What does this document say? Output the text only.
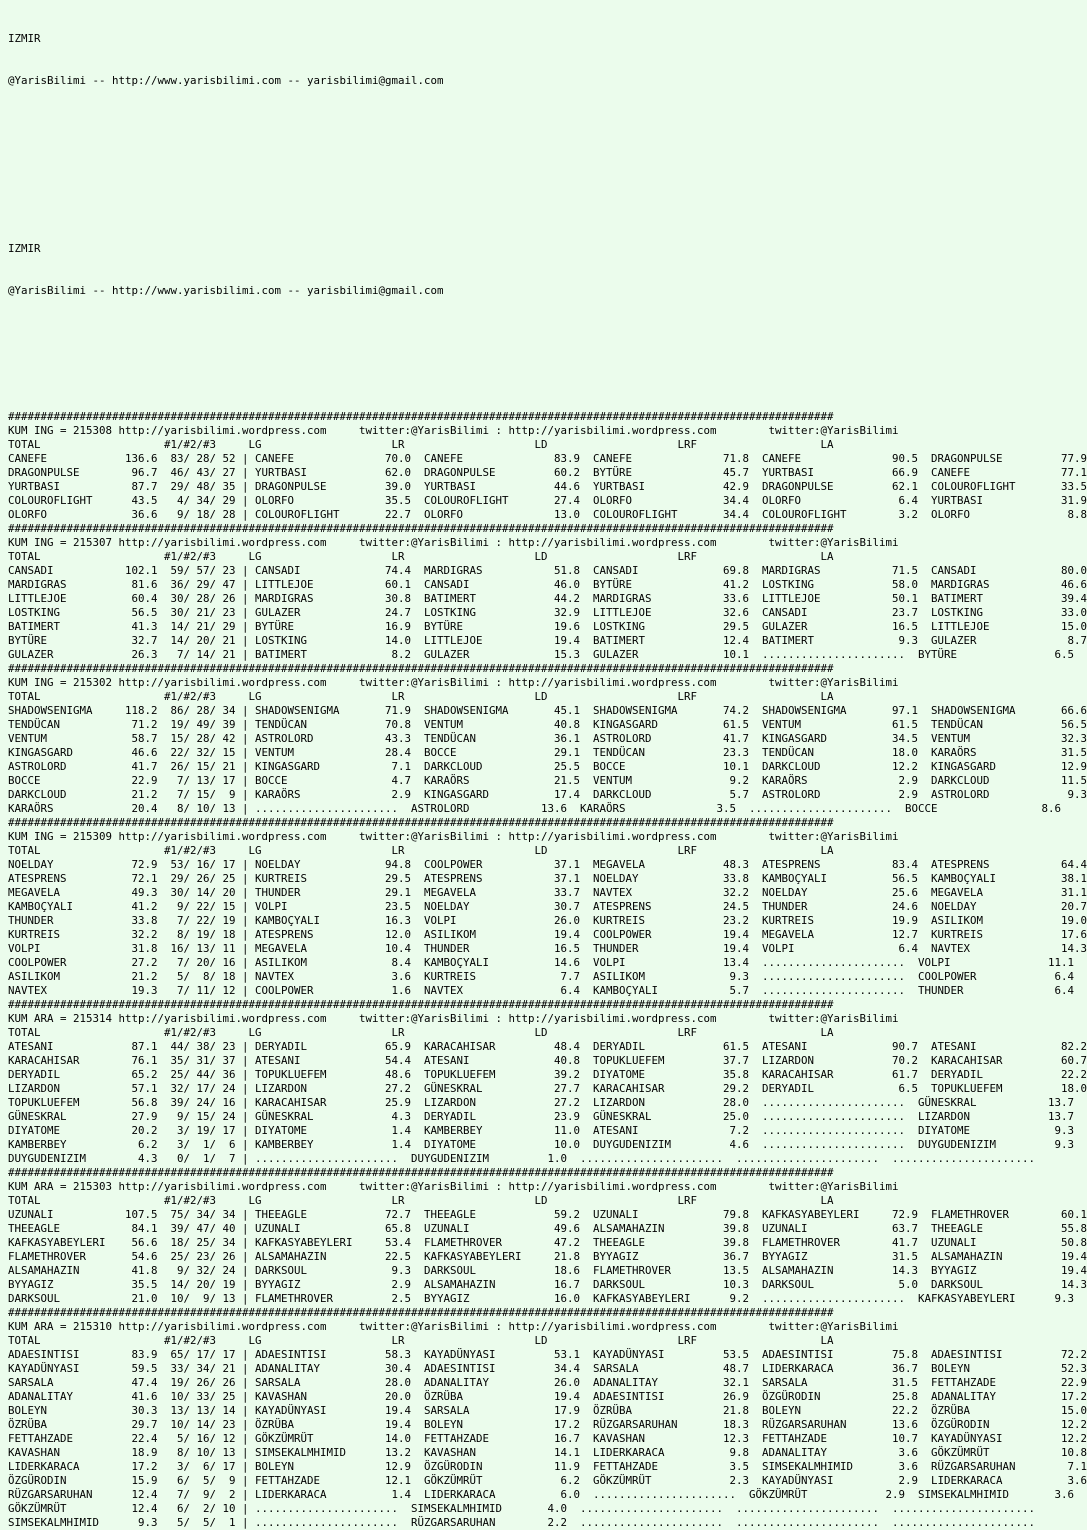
IZMIR

@YarisBilimi -- http://www.yarisbilimi.com -- yarisbilimi@gmail.com

IZMIR

@YarisBilimi -- http://www.yarisbilimi.com -- yarisbilimi@gmail.com

###############################################################################################################################
KUM ING = 215308 http://yarisbilimi.wordpress.com     twitter:@YarisBilimi : http://yarisbilimi.wordpress.com        twitter:@YarisBilimi
TOTAL                   #1/#2/#3     LG                    LR                    LD                    LRF                   LA
CANEFE            136.6  83/ 28/ 52 | CANEFE              70.0  CANEFE              83.9  CANEFE              71.8  CANEFE              90.5  DRAGONPULSE         77.9
DRAGONPULSE        96.7  46/ 43/ 27 | YURTBASI            62.0  DRAGONPULSE         60.2  BYTÜRE              45.7  YURTBASI            66.9  CANEFE              77.1
YURTBASI           87.7  29/ 48/ 35 | DRAGONPULSE         39.0  YURTBASI            44.6  YURTBASI            42.9  DRAGONPULSE         62.1  COLOUROFLIGHT       33.5
COLOUROFLIGHT      43.5   4/ 34/ 29 | OLORFO              35.5  COLOUROFLIGHT       27.4  OLORFO              34.4  OLORFO               6.4  YURTBASI            31.9
OLORFO             36.6   9/ 18/ 28 | COLOUROFLIGHT       22.7  OLORFO              13.0  COLOUROFLIGHT       34.4  COLOUROFLIGHT        3.2  OLORFO               8.8
###############################################################################################################################
KUM ING = 215307 http://yarisbilimi.wordpress.com     twitter:@YarisBilimi : http://yarisbilimi.wordpress.com        twitter:@YarisBilimi
TOTAL                   #1/#2/#3     LG                    LR                    LD                    LRF                   LA
CANSADI           102.1  59/ 57/ 23 | CANSADI             74.4  MARDIGRAS           51.8  CANSADI             69.8  MARDIGRAS           71.5  CANSADI             80.0
MARDIGRAS          81.6  36/ 29/ 47 | LITTLEJOE           60.1  CANSADI             46.0  BYTÜRE              41.2  LOSTKING            58.0  MARDIGRAS           46.6
LITTLEJOE          60.4  30/ 28/ 26 | MARDIGRAS           30.8  BATIMERT            44.2  MARDIGRAS           33.6  LITTLEJOE           50.1  BATIMERT            39.4
LOSTKING           56.5  30/ 21/ 23 | GULAZER             24.7  LOSTKING            32.9  LITTLEJOE           32.6  CANSADI             23.7  LOSTKING            33.0
BATIMERT           41.3  14/ 21/ 29 | BYTÜRE              16.9  BYTÜRE              19.6  LOSTKING            29.5  GULAZER             16.5  LITTLEJOE           15.0
BYTÜRE             32.7  14/ 20/ 21 | LOSTKING            14.0  LITTLEJOE           19.4  BATIMERT            12.4  BATIMERT             9.3  GULAZER              8.7
GULAZER            26.3   7/ 14/ 21 | BATIMERT             8.2  GULAZER             15.3  GULAZER             10.1  ......................  BYTÜRE               6.5
###############################################################################################################################
KUM ING = 215302 http://yarisbilimi.wordpress.com     twitter:@YarisBilimi : http://yarisbilimi.wordpress.com        twitter:@YarisBilimi
TOTAL                   #1/#2/#3     LG                    LR                    LD                    LRF                   LA
SHADOWSENIGMA     118.2  86/ 28/ 34 | SHADOWSENIGMA       71.9  SHADOWSENIGMA       45.1  SHADOWSENIGMA       74.2  SHADOWSENIGMA       97.1  SHADOWSENIGMA       66.6
TENDÜCAN           71.2  19/ 49/ 39 | TENDÜCAN            70.8  VENTUM              40.8  KINGASGARD          61.5  VENTUM              61.5  TENDÜCAN            56.5
VENTUM             58.7  15/ 28/ 42 | ASTROLORD           43.3  TENDÜCAN            36.1  ASTROLORD           41.7  KINGASGARD          34.5  VENTUM              32.3
KINGASGARD         46.6  22/ 32/ 15 | VENTUM              28.4  BOCCE               29.1  TENDÜCAN            23.3  TENDÜCAN            18.0  KARAÖRS             31.5
ASTROLORD          41.7  26/ 15/ 21 | KINGASGARD           7.1  DARKCLOUD           25.5  BOCCE               10.1  DARKCLOUD           12.2  KINGASGARD          12.9
BOCCE              22.9   7/ 13/ 17 | BOCCE                4.7  KARAÖRS             21.5  VENTUM               9.2  KARAÖRS              2.9  DARKCLOUD           11.5
DARKCLOUD          21.2   7/ 15/  9 | KARAÖRS              2.9  KINGASGARD          17.4  DARKCLOUD            5.7  ASTROLORD            2.9  ASTROLORD            9.3
KARAÖRS            20.4   8/ 10/ 13 | ......................  ASTROLORD           13.6  KARAÖRS              3.5  ......................  BOCCE                8.6
###############################################################################################################################
KUM ING = 215309 http://yarisbilimi.wordpress.com     twitter:@YarisBilimi : http://yarisbilimi.wordpress.com        twitter:@YarisBilimi
TOTAL                   #1/#2/#3     LG                    LR                    LD                    LRF                   LA
NOELDAY            72.9  53/ 16/ 17 | NOELDAY             94.8  COOLPOWER           37.1  MEGAVELA            48.3  ATESPRENS           83.4  ATESPRENS           64.4
ATESPRENS          72.1  29/ 26/ 25 | KURTREIS            29.5  ATESPRENS           37.1  NOELDAY             33.8  KAMBOÇYALI          56.5  KAMBOÇYALI          38.1
MEGAVELA           49.3  30/ 14/ 20 | THUNDER             29.1  MEGAVELA            33.7  NAVTEX              32.2  NOELDAY             25.6  MEGAVELA            31.1
KAMBOÇYALI         41.2   9/ 22/ 15 | VOLPI               23.5  NOELDAY             30.7  ATESPRENS           24.5  THUNDER             24.6  NOELDAY             20.7
THUNDER            33.8   7/ 22/ 19 | KAMBOÇYALI          16.3  VOLPI               26.0  KURTREIS            23.2  KURTREIS            19.9  ASILIKOM            19.0
KURTREIS           32.2   8/ 19/ 18 | ATESPRENS           12.0  ASILIKOM            19.4  COOLPOWER           19.4  MEGAVELA            12.7  KURTREIS            17.6
VOLPI              31.8  16/ 13/ 11 | MEGAVELA            10.4  THUNDER             16.5  THUNDER             19.4  VOLPI                6.4  NAVTEX              14.3
COOLPOWER          27.2   7/ 20/ 16 | ASILIKOM             8.4  KAMBOÇYALI          14.6  VOLPI               13.4  ......................  VOLPI               11.1
ASILIKOM           21.2   5/  8/ 18 | NAVTEX               3.6  KURTREIS             7.7  ASILIKOM             9.3  ......................  COOLPOWER            6.4
NAVTEX             19.3   7/ 11/ 12 | COOLPOWER            1.6  NAVTEX               6.4  KAMBOÇYALI           5.7  ......................  THUNDER              6.4
###############################################################################################################################
KUM ARA = 215314 http://yarisbilimi.wordpress.com     twitter:@YarisBilimi : http://yarisbilimi.wordpress.com        twitter:@YarisBilimi
TOTAL                   #1/#2/#3     LG                    LR                    LD                    LRF                   LA
ATESANI            87.1  44/ 38/ 23 | DERYADIL            65.9  KARACAHISAR         48.4  DERYADIL            61.5  ATESANI             90.7  ATESANI             82.2
KARACAHISAR        76.1  35/ 31/ 37 | ATESANI             54.4  ATESANI             40.8  TOPUKLUEFEM         37.7  LIZARDON            70.2  KARACAHISAR         60.7
DERYADIL           65.2  25/ 44/ 36 | TOPUKLUEFEM         48.6  TOPUKLUEFEM         39.2  DIYATOME            35.8  KARACAHISAR         61.7  DERYADIL            22.2
LIZARDON           57.1  32/ 17/ 24 | LIZARDON            27.2  GÜNESKRAL           27.7  KARACAHISAR         29.2  DERYADIL             6.5  TOPUKLUEFEM         18.0
TOPUKLUEFEM        56.8  39/ 24/ 16 | KARACAHISAR         25.9  LIZARDON            27.2  LIZARDON            28.0  ......................  GÜNESKRAL           13.7
GÜNESKRAL          27.9   9/ 15/ 24 | GÜNESKRAL            4.3  DERYADIL            23.9  GÜNESKRAL           25.0  ......................  LIZARDON            13.7
DIYATOME           20.2   3/ 19/ 17 | DIYATOME             1.4  KAMBERBEY           11.0  ATESANI              7.2  ......................  DIYATOME             9.3
KAMBERBEY           6.2   3/  1/  6 | KAMBERBEY            1.4  DIYATOME            10.0  DUYGUDENIZIM         4.6  ......................  DUYGUDENIZIM         9.3
DUYGUDENIZIM        4.3   0/  1/  7 | ......................  DUYGUDENIZIM         1.0  ......................  ......................  ......................
###############################################################################################################################
KUM ARA = 215303 http://yarisbilimi.wordpress.com     twitter:@YarisBilimi : http://yarisbilimi.wordpress.com        twitter:@YarisBilimi
TOTAL                   #1/#2/#3     LG                    LR                    LD                    LRF                   LA
UZUNALI           107.5  75/ 34/ 34 | THEEAGLE            72.7  THEEAGLE            59.2  UZUNALI             79.8  KAFKASYABEYLERI     72.9  FLAMETHROVER        60.1
THEEAGLE           84.1  39/ 47/ 40 | UZUNALI             65.8  UZUNALI             49.6  ALSAMAHAZIN         39.8  UZUNALI             63.7  THEEAGLE            55.8
KAFKASYABEYLERI    56.6  18/ 25/ 34 | KAFKASYABEYLERI     53.4  FLAMETHROVER        47.2  THEEAGLE            39.8  FLAMETHROVER        41.7  UZUNALI             50.8
FLAMETHROVER       54.6  25/ 23/ 26 | ALSAMAHAZIN         22.5  KAFKASYABEYLERI     21.8  BYYAGIZ             36.7  BYYAGIZ             31.5  ALSAMAHAZIN         19.4
ALSAMAHAZIN        41.8   9/ 32/ 24 | DARKSOUL             9.3  DARKSOUL            18.6  FLAMETHROVER        13.5  ALSAMAHAZIN         14.3  BYYAGIZ             19.4
BYYAGIZ            35.5  14/ 20/ 19 | BYYAGIZ              2.9  ALSAMAHAZIN         16.7  DARKSOUL            10.3  DARKSOUL             5.0  DARKSOUL            14.3
DARKSOUL           21.0  10/  9/ 13 | FLAMETHROVER         2.5  BYYAGIZ             16.0  KAFKASYABEYLERI      9.2  ......................  KAFKASYABEYLERI      9.3
###############################################################################################################################
KUM ARA = 215310 http://yarisbilimi.wordpress.com     twitter:@YarisBilimi : http://yarisbilimi.wordpress.com        twitter:@YarisBilimi
TOTAL                   #1/#2/#3     LG                    LR                    LD                    LRF                   LA
ADAESINTISI        83.9  65/ 17/ 17 | ADAESINTISI         58.3  KAYADÜNYASI         53.1  KAYADÜNYASI         53.5  ADAESINTISI         75.8  ADAESINTISI         72.2
KAYADÜNYASI        59.5  33/ 34/ 21 | ADANALITAY          30.4  ADAESINTISI         34.4  SARSALA             48.7  LIDERKARACA         36.7  BOLEYN              52.3
SARSALA            47.4  19/ 26/ 26 | SARSALA             28.0  ADANALITAY          26.0  ADANALITAY          32.1  SARSALA             31.5  FETTAHZADE          22.9
ADANALITAY         41.6  10/ 33/ 25 | KAVASHAN            20.0  ÖZRÜBA              19.4  ADAESINTISI         26.9  ÖZGÜRODIN           25.8  ADANALITAY          17.2
BOLEYN             30.3  13/ 13/ 14 | KAYADÜNYASI         19.4  SARSALA             17.9  ÖZRÜBA              21.8  BOLEYN              22.2  ÖZRÜBA              15.0
ÖZRÜBA             29.7  10/ 14/ 23 | ÖZRÜBA              19.4  BOLEYN              17.2  RÜZGARSARUHAN       18.3  RÜZGARSARUHAN       13.6  ÖZGÜRODIN           12.2
FETTAHZADE         22.4   5/ 16/ 12 | GÖKZÜMRÜT           14.0  FETTAHZADE          16.7  KAVASHAN            12.3  FETTAHZADE          10.7  KAYADÜNYASI         12.2
KAVASHAN           18.9   8/ 10/ 13 | SIMSEKALMHIMID      13.2  KAVASHAN            14.1  LIDERKARACA          9.8  ADANALITAY           3.6  GÖKZÜMRÜT           10.8
LIDERKARACA        17.2   3/  6/ 17 | BOLEYN              12.9  ÖZGÜRODIN           11.9  FETTAHZADE           3.5  SIMSEKALMHIMID       3.6  RÜZGARSARUHAN        7.1
ÖZGÜRODIN          15.9   6/  5/  9 | FETTAHZADE          12.1  GÖKZÜMRÜT            6.2  GÖKZÜMRÜT            2.3  KAYADÜNYASI          2.9  LIDERKARACA          3.6
RÜZGARSARUHAN      12.4   7/  9/  2 | LIDERKARACA          1.4  LIDERKARACA          6.0  ......................  GÖKZÜMRÜT            2.9  SIMSEKALMHIMID       3.6
GÖKZÜMRÜT          12.4   6/  2/ 10 | ......................  SIMSEKALMHIMID       4.0  ......................  ......................  ......................
SIMSEKALMHIMID      9.3   5/  5/  1 | ......................  RÜZGARSARUHAN        2.2  ......................  ......................  ......................
